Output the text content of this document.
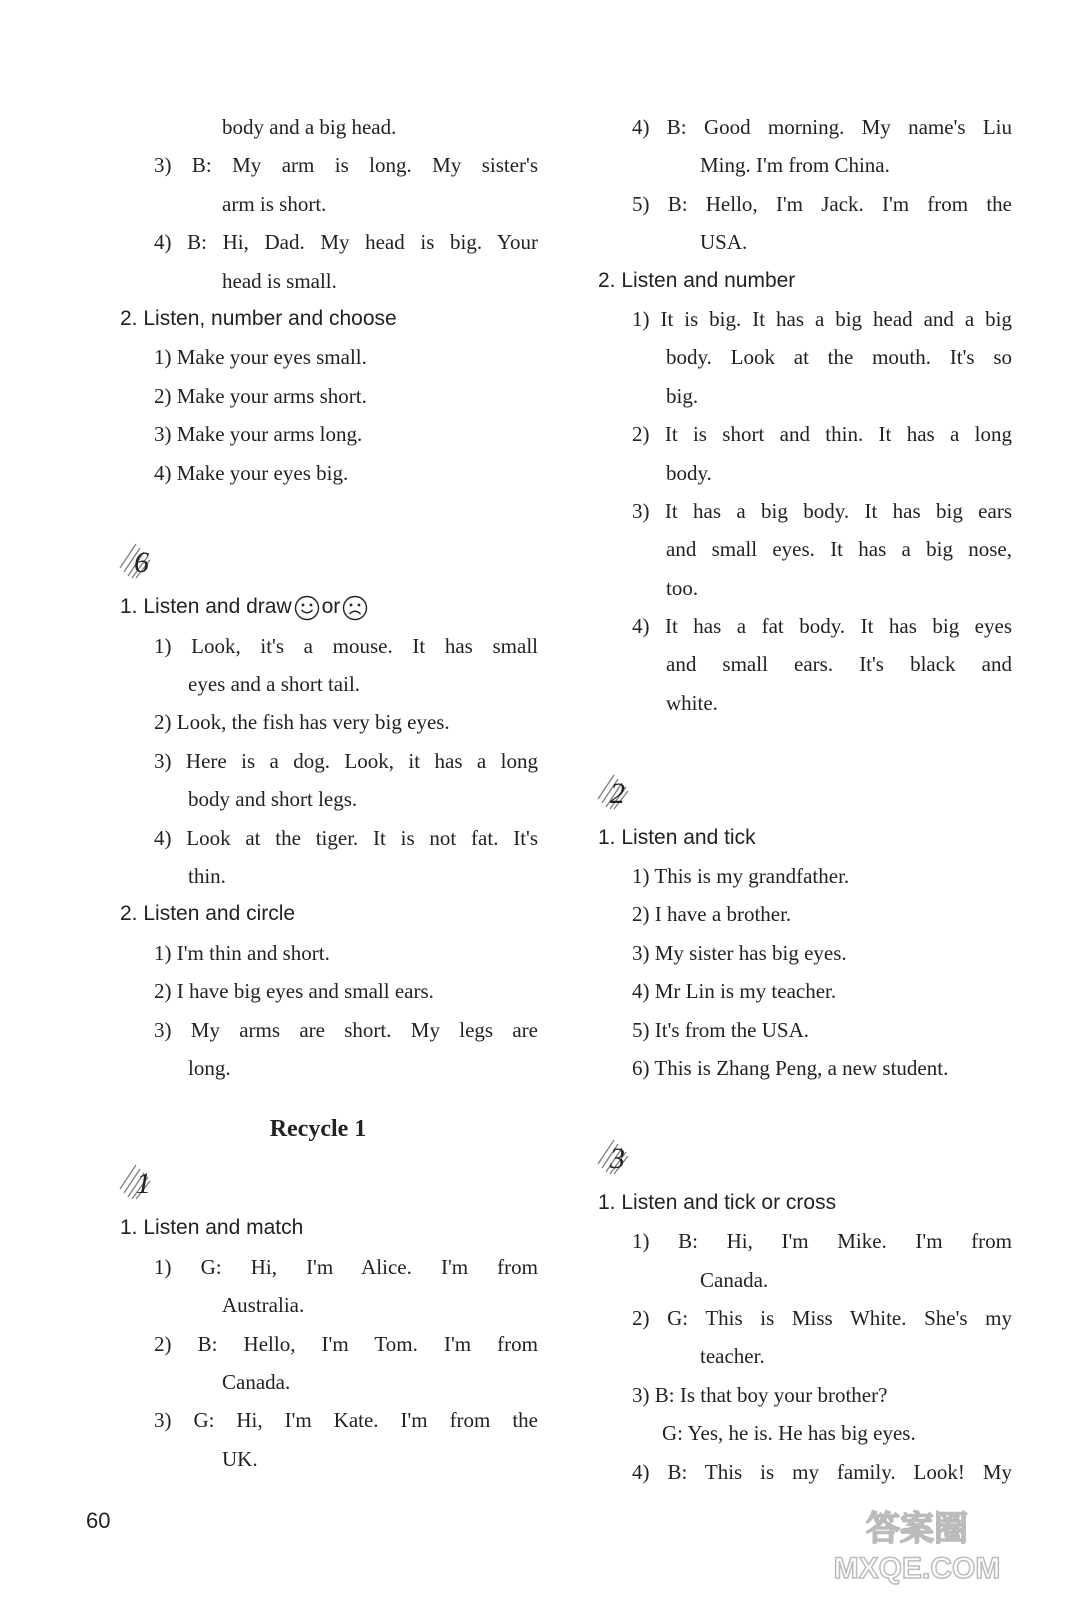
body and a big head.
3) B: My arm is long. My sister's
arm is short.
4) B: Hi, Dad. My head is big. Your
head is small.
2. Listen, number and choose
1) Make your eyes small.
2) Make your arms short.
3) Make your arms long.
4) Make your eyes big.
6
1. Listen and draw or
1) Look, it's a mouse. It has small
eyes and a short tail.
2) Look, the fish has very big eyes.
3) Here is a dog. Look, it has a long
body and short legs.
4) Look at the tiger. It is not fat. It's
thin.
2. Listen and circle
1) I'm thin and short.
2) I have big eyes and small ears.
3) My arms are short. My legs are
long.
Recycle 1
1
1. Listen and match
1) G: Hi, I'm Alice. I'm from
Australia.
2) B: Hello, I'm Tom. I'm from
Canada.
3) G: Hi, I'm Kate. I'm from the
UK.
4) B: Good morning. My name's Liu
Ming. I'm from China.
5) B: Hello, I'm Jack. I'm from the
USA.
2. Listen and number
1) It is big. It has a big head and a big
body. Look at the mouth. It's so
big.
2) It is short and thin. It has a long
body.
3) It has a big body. It has big ears
and small eyes. It has a big nose,
too.
4) It has a fat body. It has big eyes
and small ears. It's black and
white.
2
1. Listen and tick
1) This is my grandfather.
2) I have a brother.
3) My sister has big eyes.
4) Mr Lin is my teacher.
5) It's from the USA.
6) This is Zhang Peng, a new student.
3
1. Listen and tick or cross
1) B: Hi, I'm Mike. I'm from
Canada.
2) G: This is Miss White. She's my
teacher.
3) B: Is that boy your brother?
G: Yes, he is. He has big eyes.
4) B: This is my family. Look! My
60	答案圈
MXQE.COM
